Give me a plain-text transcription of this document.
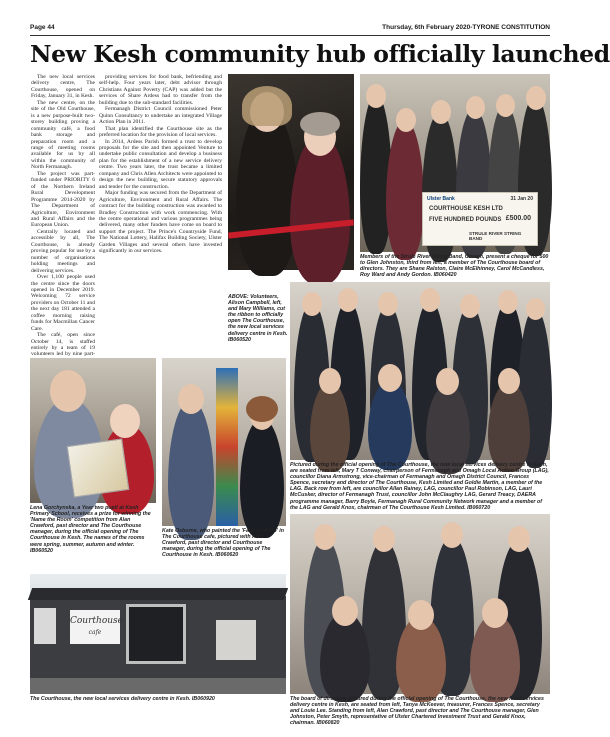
Page 44	Thursday, 6th February 2020-TYRONE CONSTITUTION
New Kesh community hub officially launched

The new local services delivery centre, The Courthouse, opened on Friday, January 31, in Kesh.

The new centre, on the site of the Old Courthouse, is a new purpose-built two-storey building proving a community café, a food bank storage and preparation room and a range of meeting rooms available for us by all within the community of North Fermanagh.

The project was part-funded under PRIORITY 6 of the Northern Ireland Rural Development Programme 2014-2020 by The Department of Agriculture, Environment and Rural Affairs and the European Union.

Centrally located and accessible by all, The Courthouse, is already proving popular for use by a number of organisations holding meetings and delivering services.

Over 1,100 people used the centre since the doors opened in December 2019. Welcoming 72 service providers on October 11 and the next day 181 attended a coffee morning raising funds for Macmillan Cancer Care.

The café, open since October 14, is staffed entirely by a team of 19 volunteers led by nine part-

providing services for food bank, befriending and self-help. Four years later, debt advisor through Christians Against Poverty (CAP) was added but the services of Share Ardess had to transfer from the building due to the sub-standard facilities.

Fermanagh District Council commissioned Peter Quinn Consultancy to undertake an integrated Village Action Plan in 2011.

That plan identified the Courthouse site as the preferred location for the provision of local services.

In 2014, Ardess Parish formed a trust to develop proposals for the site and then appointed Venture to undertake public consultation and develop a business plan for the establishment of a new service delivery centre. Two years later, the trust became a limited company and Chris Allen Architects were appointed to design the new building, secure statutory approvals and tender for the construction.

Major funding was secured from the Department of Agriculture, Environment and Rural Affairs. The contract for the building construction was awarded to Bradley Construction with work commencing. With the centre operational and various programmes being delivered, many other funders have come on board to support the project. The Prince's Countryside Fund, The National Lottery, Halifax Building Society, Ulster Garden Villages and several others have invested significantly in our services.

Ulster Bank	31 Jan 20
COURTHOUSE KESH LTD
FIVE HUNDRED POUNDS £500.00
STRULE RIVER STRING BAND
Members of the Strule River String Band, Omagh, present a cheque for 500 to Glen Johnston, third from left, a member of The Courthouse board of directors. They are Shane Ralston, Claire McElhinney, Carol McCandless, Roy Ward and Andy Gordon. IB060420
ABOVE: Volunteers, Alison Campbell, left, and Mary Williams, cut the ribbon to officially open The Courthouse, the new local services delivery centre in Kesh. IB060520
Pictured during the official opening of The Courthouse, the new local services delivery centre in Kesh, are seated from left, Mary T Conway, chairperson of Fermanagh and Omagh Local Action Group (LAG), councillor Diana Armstrong, vice-chairman of Fermanagh and Omagh District Council, Frances Spence, secretary and director of The Courthouse, Kesh Limited and Goldie Martin, a member of the LAG. Back row from left, are councillor Allan Rainey, LAG, councillor Paul Robinson, LAG, Lauri McCusker, director of Fermanagh Trust, councillor John McClaughry LAG, Gerard Treacy, DAERA programme manager, Barry Boyle, Fermanagh Rural Community Network manager and a member of the LAG and Gerald Knox, chairman of The Courthouse Kesh Limited. IB060720
Lena Gorchynska, a Year two pupil at Kesh Primary School, receives a prize for winning the 'Name the Room' competition from Alan Crawford, past director and The Courthouse manager, during the official opening of The Courthouse in Kesh. The names of the rooms were spring, summer, autumn and winter. IB060520
Kate Osborne, who painted the 'Faith Column' in The Courthouse cafe, pictured with Alan Crawford, past director and Courthouse manager, during the official opening of The Courthouse in Kesh. IB060620
Courthouse
cafe
The Courthouse, the new local services delivery centre in Kesh. IB060920	The board of directors pictured during the official opening of The Courthouse, the new local services delivery centre in Kesh, are seated from left, Tanya McKeever, treasurer, Frances Spence, secretary and Louie Lee. Standing from left, Alan Crawford, past director and The Courthouse manager, Glen Johnston, Peter Smyth, representative of Ulster Chartered Investment Trust and Gerald Knox, chairman. IB060820
